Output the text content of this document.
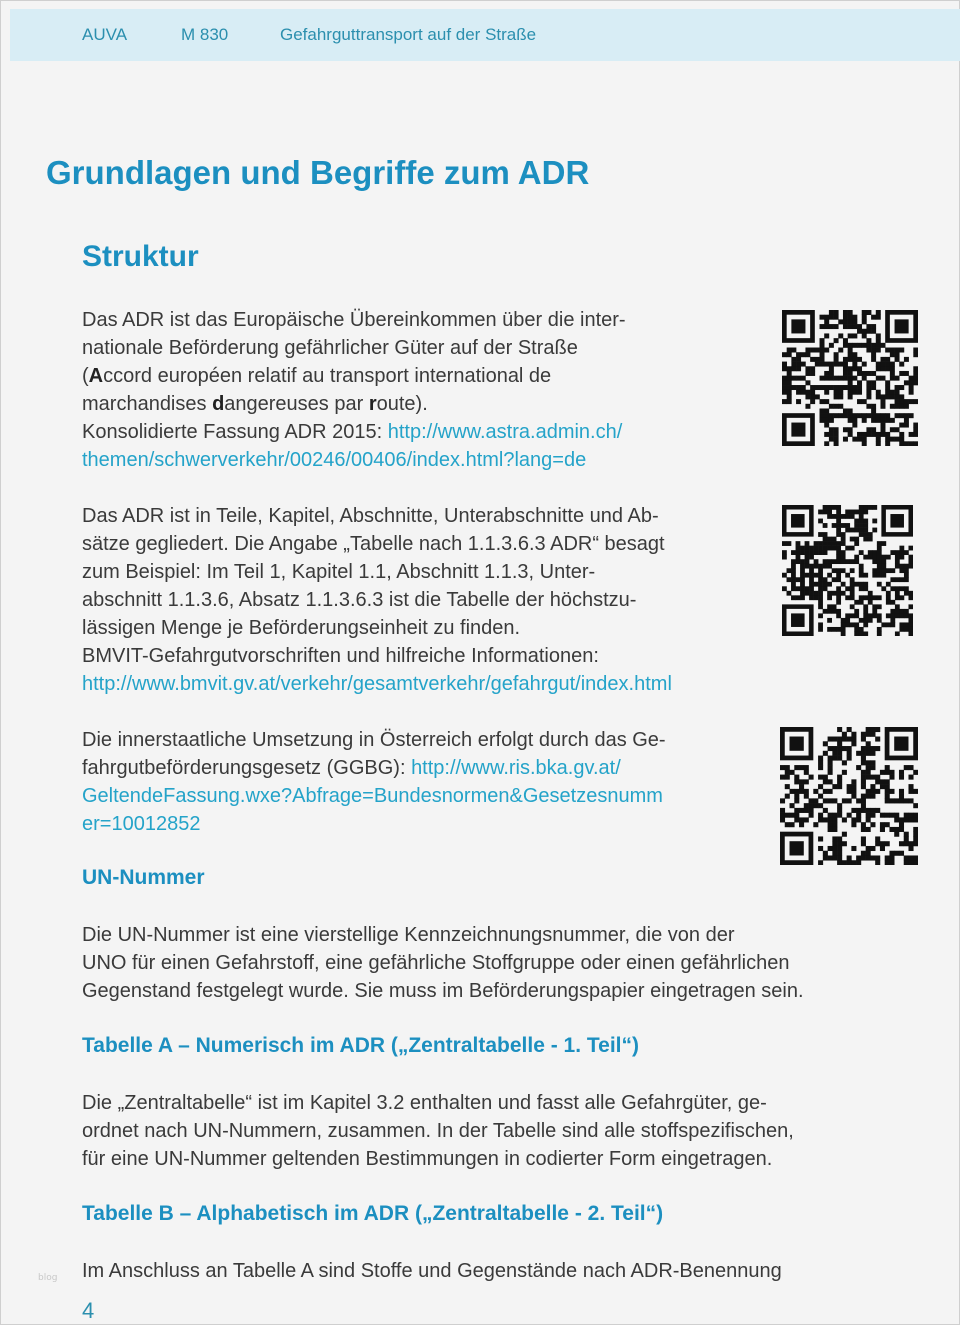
AUVA	M 830	Gefahrguttransport auf der Straße
Grundlagen und Begriffe zum ADR
Struktur
Das ADR ist das Europäische Übereinkommen über die inter-
nationale Beförderung gefährlicher Güter auf der Straße
(Accord européen relatif au transport international de
marchandises dangereuses par route).
Konsolidierte Fassung ADR 2015: http://www.astra.admin.ch/
themen/schwerverkehr/00246/00406/index.html?lang=de
Das ADR ist in Teile, Kapitel, Abschnitte, Unterabschnitte und Ab-
sätze gegliedert. Die Angabe „Tabelle nach 1.1.3.6.3 ADR“ besagt
zum Beispiel: Im Teil 1, Kapitel 1.1, Abschnitt 1.1.3, Unter-
abschnitt 1.1.3.6, Absatz 1.1.3.6.3 ist die Tabelle der höchstzu-
lässigen Menge je Beförderungseinheit zu finden.
BMVIT-Gefahrgutvorschriften und hilfreiche Informationen:
http://www.bmvit.gv.at/verkehr/gesamtverkehr/gefahrgut/index.html
Die innerstaatliche Umsetzung in Österreich erfolgt durch das Ge-
fahrgutbeförderungsgesetz (GGBG): http://www.ris.bka.gv.at/
GeltendeFassung.wxe?Abfrage=Bundesnormen&Gesetzesnumm
er=10012852
UN-Nummer
Die UN-Nummer ist eine vierstellige Kennzeichnungsnummer, die von der
UNO für einen Gefahrstoff, eine gefährliche Stoffgruppe oder einen gefährlichen
Gegenstand festgelegt wurde. Sie muss im Beförderungspapier eingetragen sein.
Tabelle A – Numerisch im ADR („Zentraltabelle - 1. Teil“)
Die „Zentraltabelle“ ist im Kapitel 3.2 enthalten und fasst alle Gefahrgüter, ge-
ordnet nach UN-Nummern, zusammen. In der Tabelle sind alle stoffspezifischen,
für eine UN-Nummer geltenden Bestimmungen in codierter Form eingetragen.
Tabelle B – Alphabetisch im ADR („Zentraltabelle - 2. Teil“)
Im Anschluss an Tabelle A sind Stoffe und Gegenstände nach ADR-Benennung
blog
4
